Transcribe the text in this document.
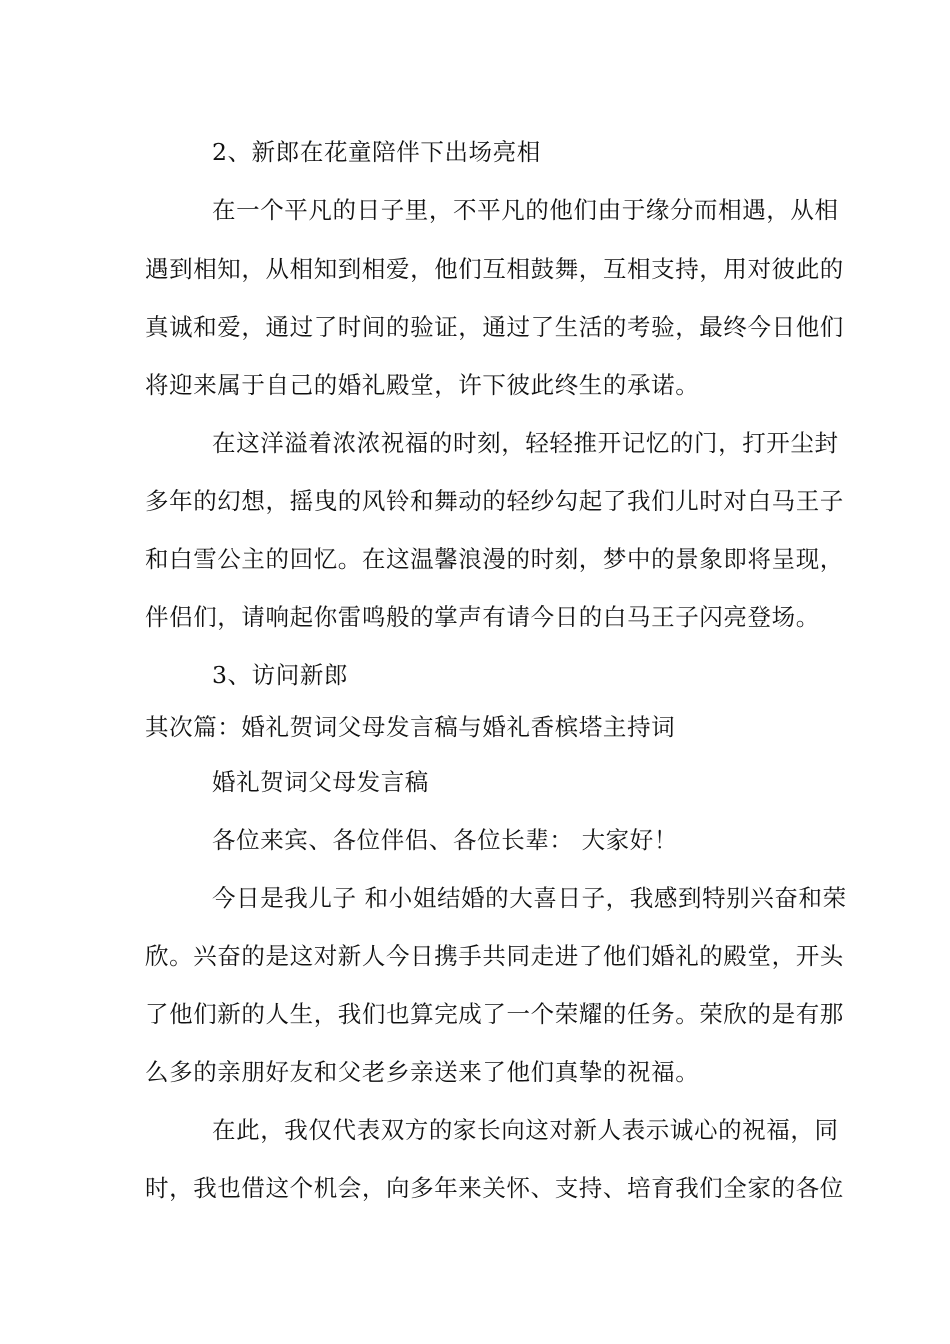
2、新郎在花童陪伴下出场亮相
在一个平凡的日子里，不平凡的他们由于缘分而相遇，从相
遇到相知，从相知到相爱，他们互相鼓舞，互相支持，用对彼此的
真诚和爱，通过了时间的验证，通过了生活的考验，最终今日他们
将迎来属于自己的婚礼殿堂，许下彼此终生的承诺。
在这洋溢着浓浓祝福的时刻，轻轻推开记忆的门，打开尘封
多年的幻想，摇曳的风铃和舞动的轻纱勾起了我们儿时对白马王子
和白雪公主的回忆。在这温馨浪漫的时刻，梦中的景象即将呈现，
伴侣们，请响起你雷鸣般的掌声有请今日的白马王子闪亮登场。
3、访问新郎
其次篇：婚礼贺词父母发言稿与婚礼香槟塔主持词
婚礼贺词父母发言稿
各位来宾、各位伴侣、各位长辈： 大家好！
今日是我儿子 和小姐结婚的大喜日子，我感到特别兴奋和荣
欣。兴奋的是这对新人今日携手共同走进了他们婚礼的殿堂，开头
了他们新的人生，我们也算完成了一个荣耀的任务。荣欣的是有那
么多的亲朋好友和父老乡亲送来了他们真挚的祝福。
在此，我仅代表双方的家长向这对新人表示诚心的祝福，同
时，我也借这个机会，向多年来关怀、支持、培育我们全家的各位
